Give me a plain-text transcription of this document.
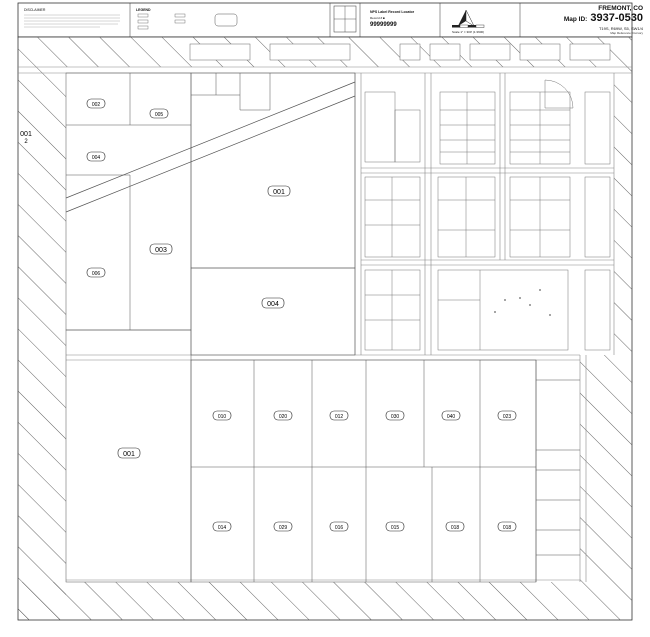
001
004
003
001
001
2
002
005
004
006
010	020	012	030	040	023
014	029	016	015	018	018
DISCLAIMER	LEGEND	NPS Label Record Locator
Record # ■
99999999
Scale 1" = 300' (1:3600)
FREMONT, CO
Map ID: 3937-0530
T19S, R69W, S5, SW1/4
Map Reference: Cursory
